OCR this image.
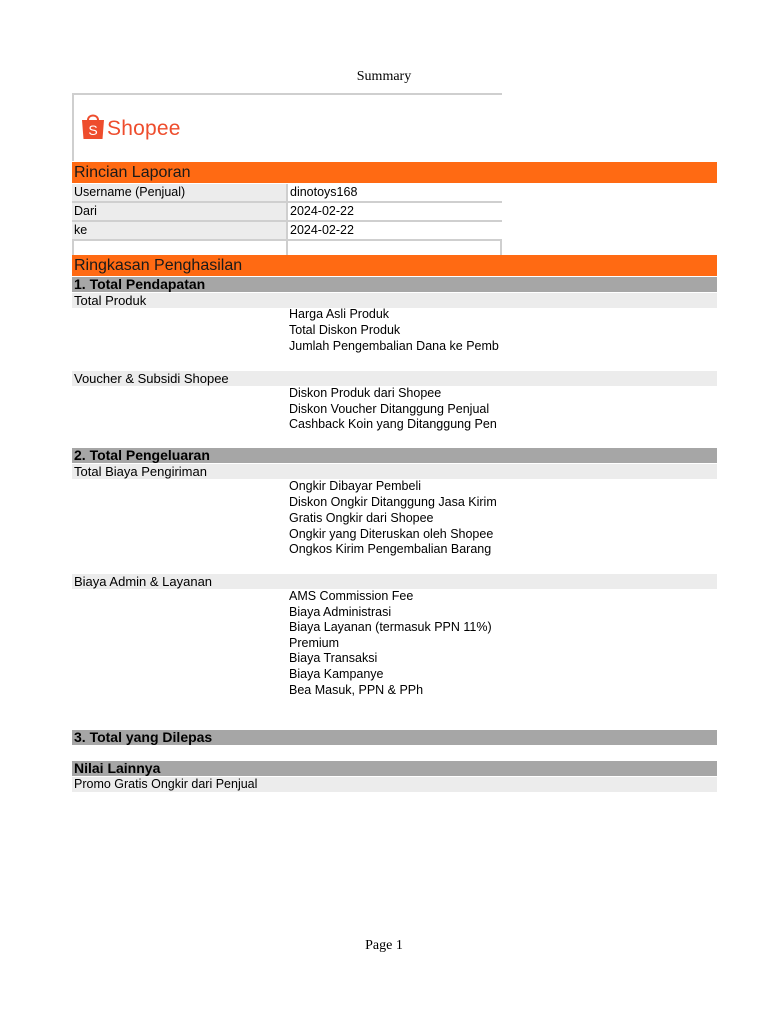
Summary
S Shopee
Rincian Laporan
Username (Penjual)	dinotoys168
Dari	2024-02-22
ke	2024-02-22
Ringkasan Penghasilan
1. Total Pendapatan
Total Produk
Harga Asli Produk
Total Diskon Produk
Jumlah Pengembalian Dana ke Pemb
Voucher & Subsidi Shopee
Diskon Produk dari Shopee
Diskon Voucher Ditanggung Penjual
Cashback Koin yang Ditanggung Pen
2. Total Pengeluaran
Total Biaya Pengiriman
Ongkir Dibayar Pembeli
Diskon Ongkir Ditanggung Jasa Kirim
Gratis Ongkir dari Shopee
Ongkir yang Diteruskan oleh Shopee
Ongkos Kirim Pengembalian Barang
Biaya Admin & Layanan
AMS Commission Fee
Biaya Administrasi
Biaya Layanan (termasuk PPN 11%)
Premium
Biaya Transaksi
Biaya Kampanye
Bea Masuk, PPN & PPh
3. Total yang Dilepas
Nilai Lainnya
Promo Gratis Ongkir dari Penjual
Page 1
